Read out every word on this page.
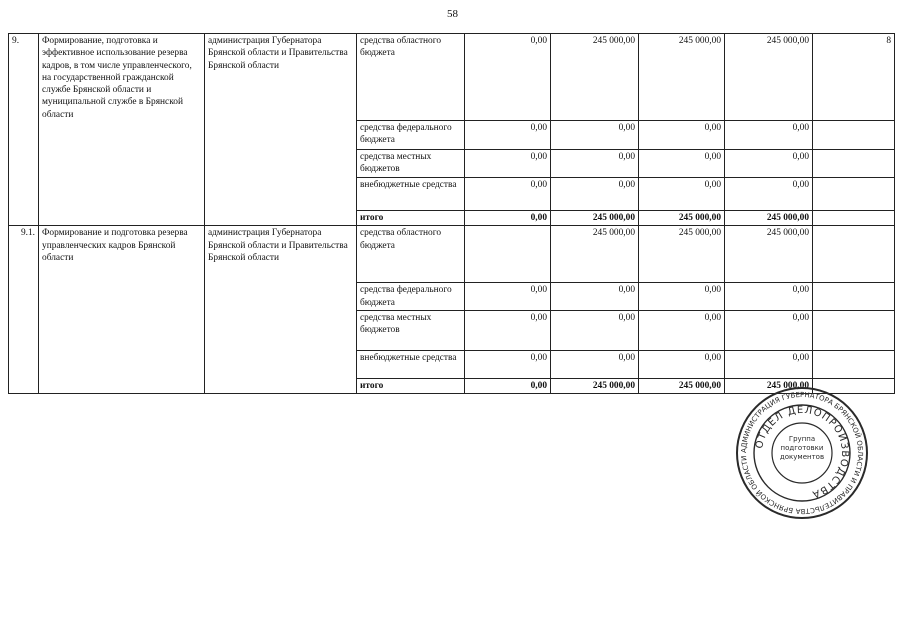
58
9.	Формирование, подготовка и эффективное использование резерва кадров, в том числе управленческого, на государственной гражданской службе Брянской области и муниципальной службе в Брянской области	администрация Губернатора Брянской области и Правительства Брянской области	средства областного бюджета	0,00	245 000,00	245 000,00	245 000,00	8
			средства федерального бюджета	0,00	0,00	0,00	0,00	
			средства местных бюджетов	0,00	0,00	0,00	0,00	
			внебюджетные средства	0,00	0,00	0,00	0,00	
			итого	0,00	245 000,00	245 000,00	245 000,00	
9.1.	Формирование и подготовка резерва управленческих кадров Брянской области	администрация Губернатора Брянской области и Правительства Брянской области	средства областного бюджета		245 000,00	245 000,00	245 000,00	
			средства федерального бюджета	0,00	0,00	0,00	0,00	
			средства местных бюджетов	0,00	0,00	0,00	0,00	
			внебюджетные средства	0,00	0,00	0,00	0,00	
			итого	0,00	245 000,00	245 000,00	245 000,00	
АДМИНИСТРАЦИЯ ГУБЕРНАТОРА БРЯНСКОЙ ОБЛАСТИ И ПРАВИТЕЛЬСТВА БРЯНСКОЙ ОБЛАСТИ
ОТДЕЛ ДЕЛОПРОИЗВОДСТВА
Группа подготовки документов
